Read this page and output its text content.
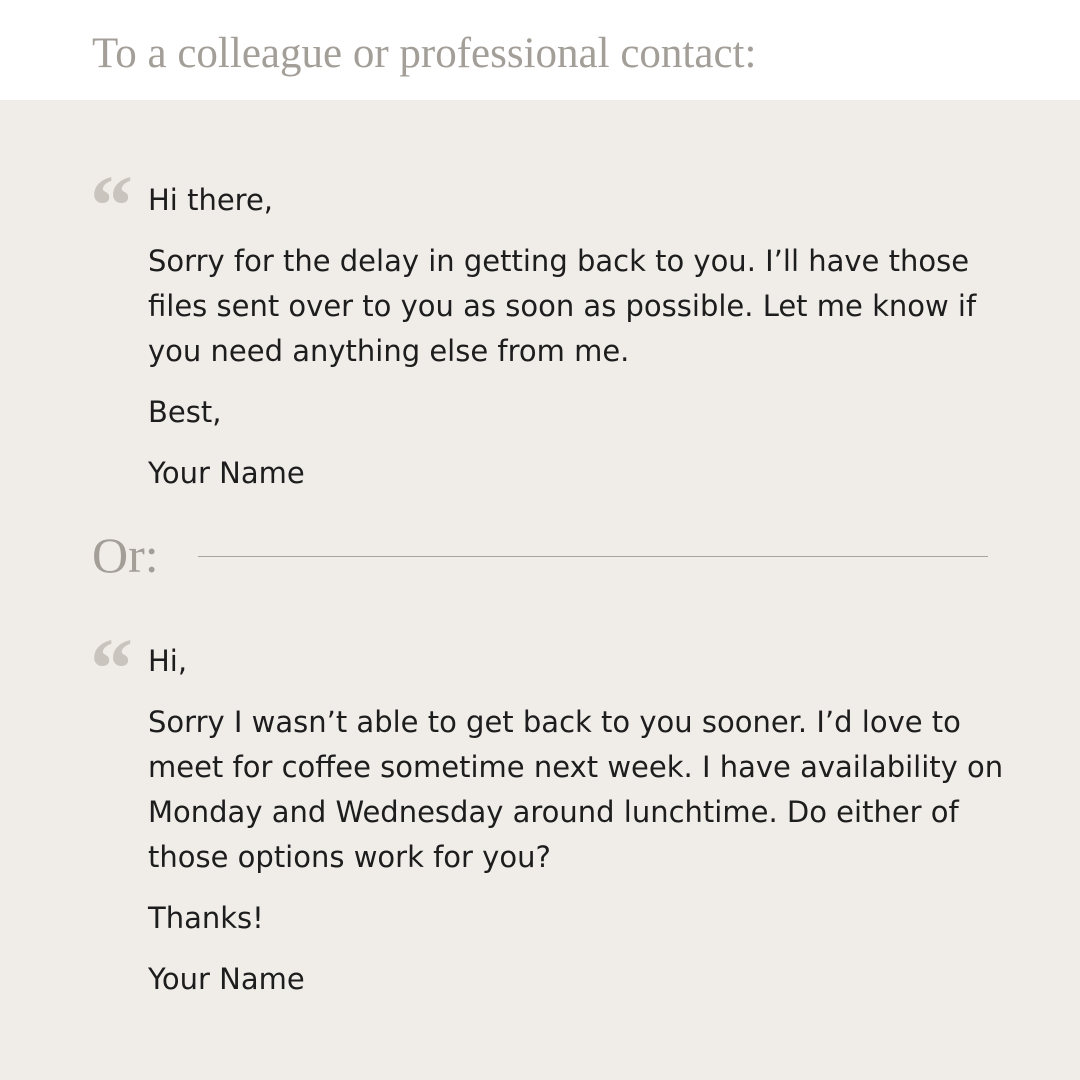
To a colleague or professional contact:
“ Hi there,

Sorry for the delay in getting back to you. I’ll have those files sent over to you as soon as possible. Let me know if you need anything else from me.

Best,

Your Name

Or:
“ Hi,

Sorry I wasn’t able to get back to you sooner. I’d love to meet for coffee sometime next week. I have availability on Monday and Wednesday around lunchtime. Do either of those options work for you?

Thanks!

Your Name
